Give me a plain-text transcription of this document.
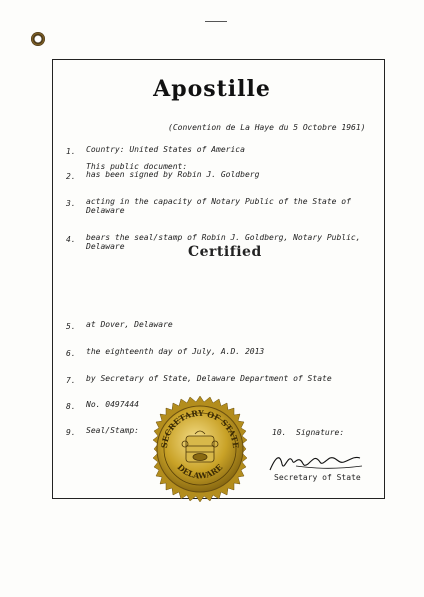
Apostille
(Convention de La Haye du 5 Octobre 1961)
1. Country: United States of America
This public document:
2. has been signed by Robin J. Goldberg
3. acting in the capacity of Notary Public of the State of
Delaware
4. bears the seal/stamp of Robin J. Goldberg, Notary Public,
Delaware	Certified
5. at Dover, Delaware
6. the eighteenth day of July, A.D. 2013
7. by Secretary of State, Delaware Department of State
8. No. 0497444
9. Seal/Stamp:
SECRETARY OF STATE
DELAWARE
10. Signature:
Secretary of State
